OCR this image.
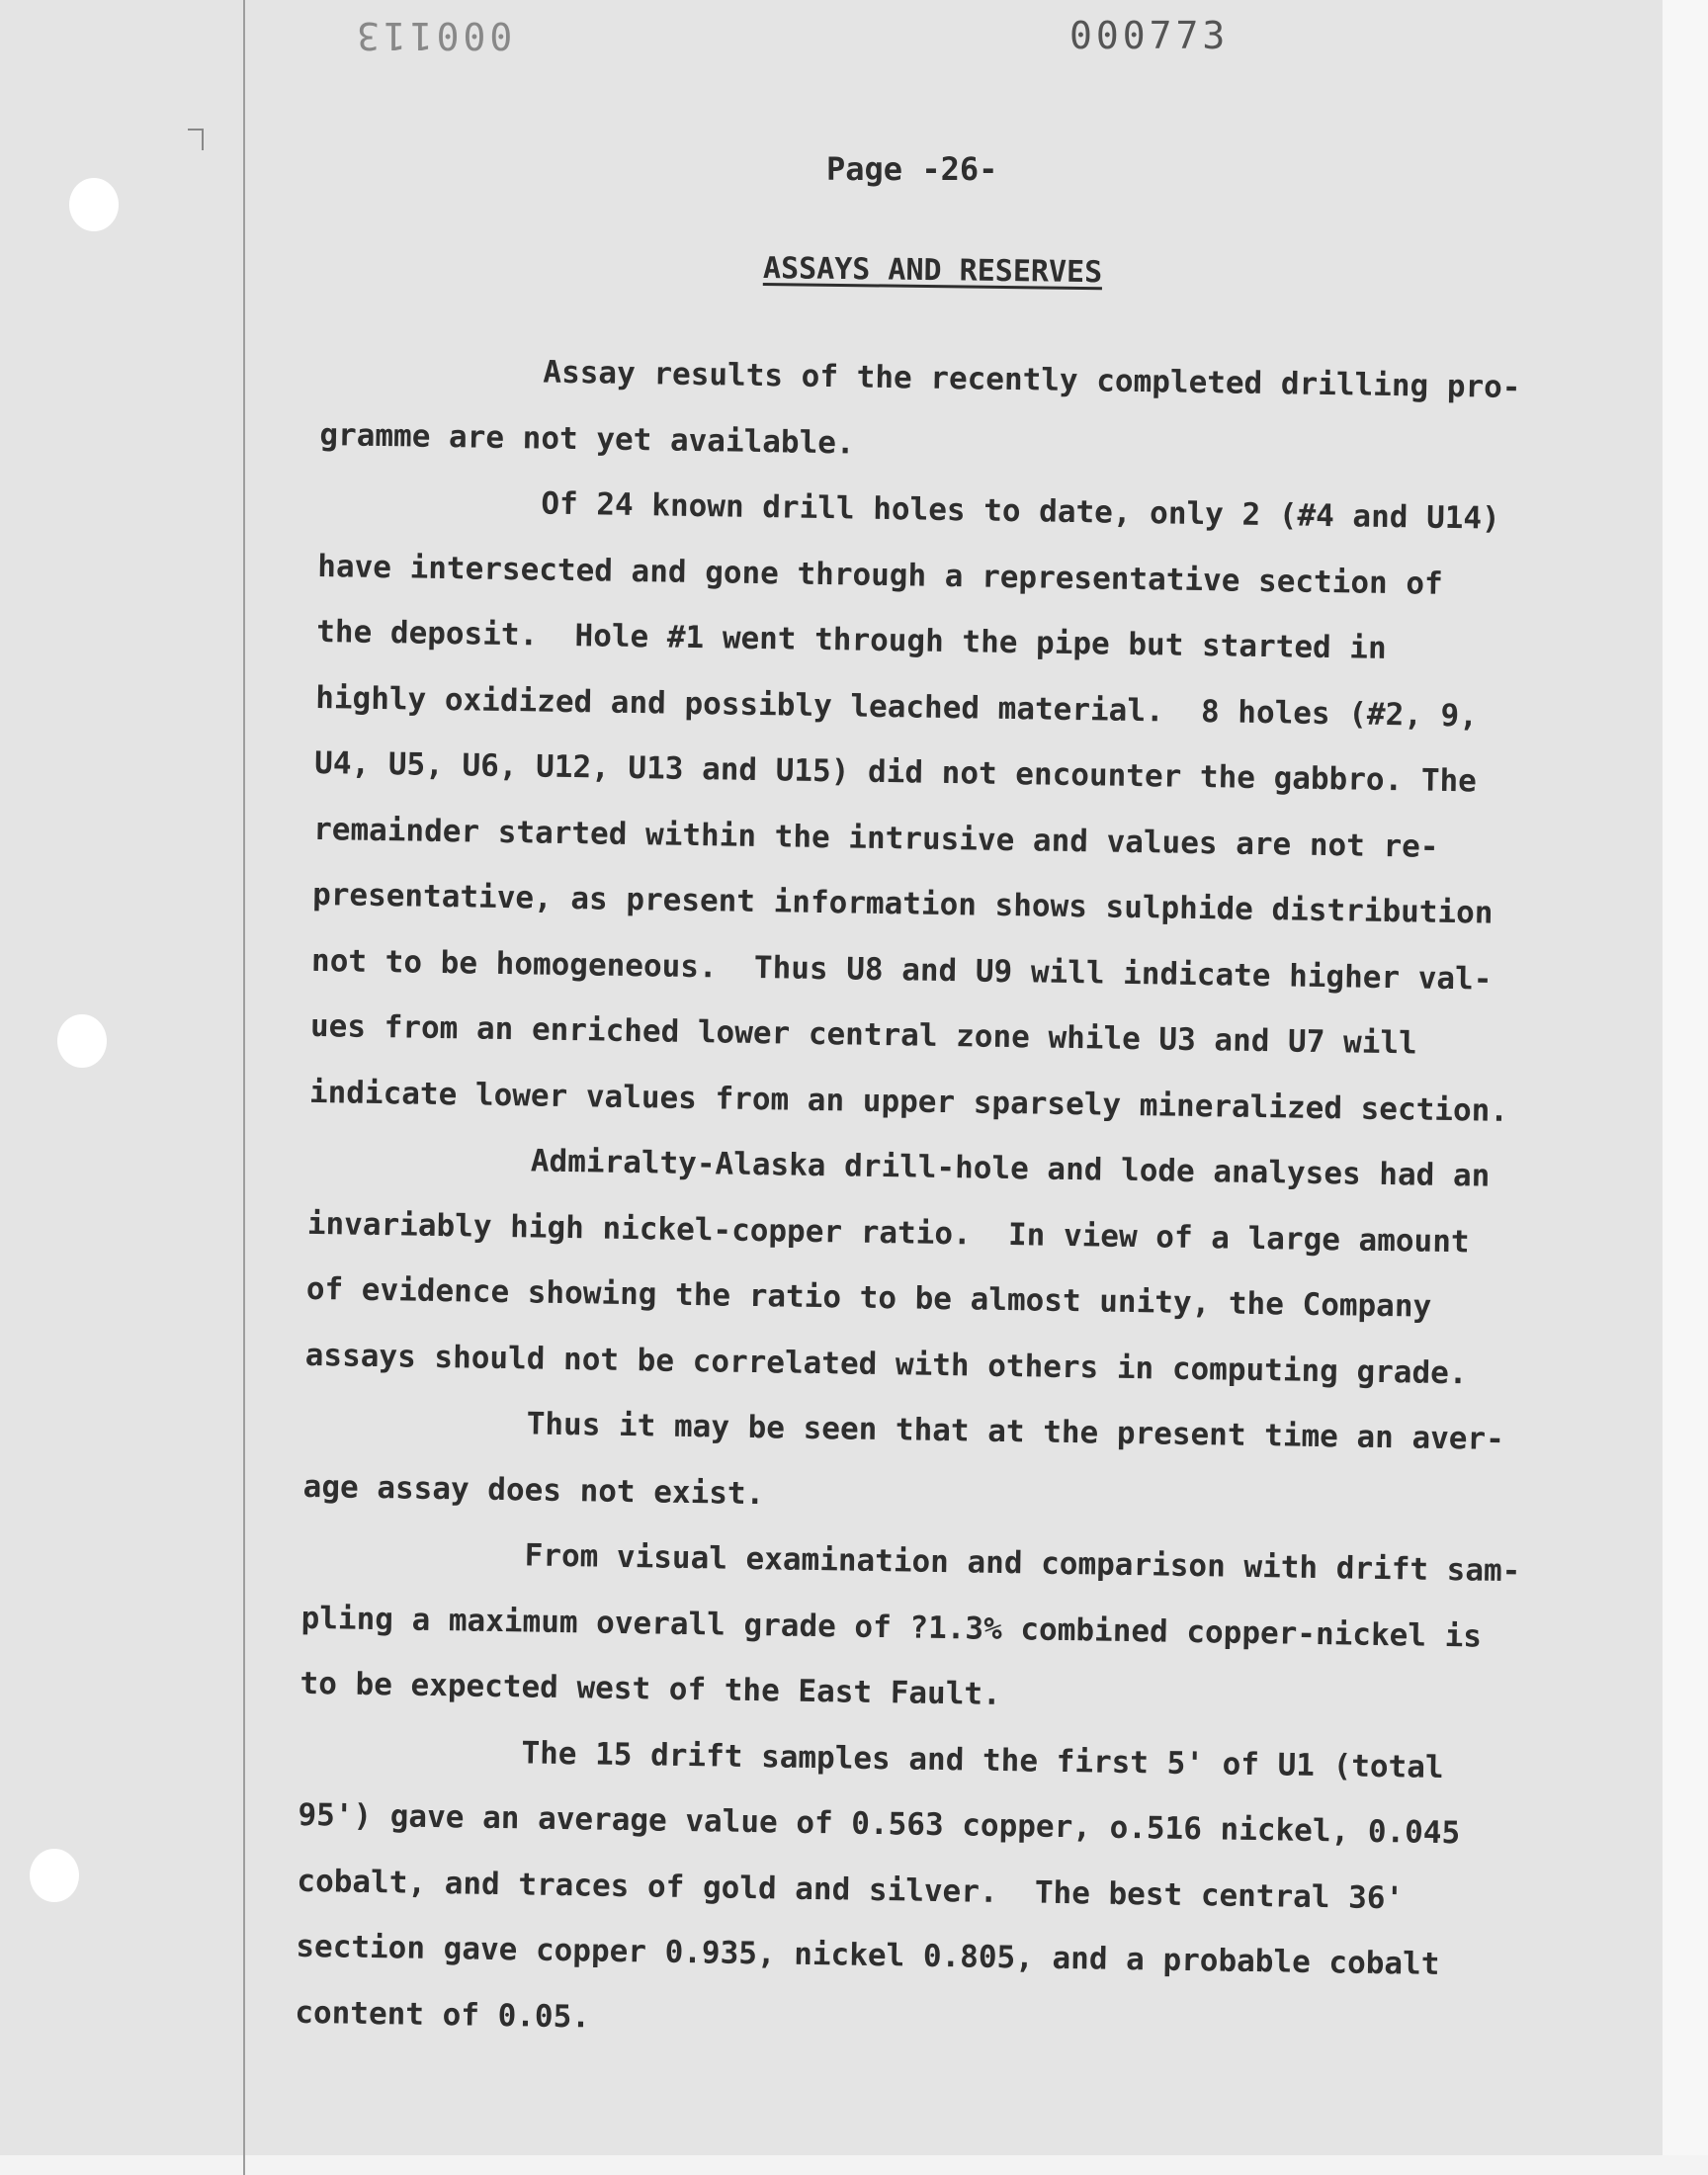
000113	000773
Page -26-
ASSAYS AND RESERVES
Assay results of the recently completed drilling pro-
gramme are not yet available.
Of 24 known drill holes to date, only 2 (#4 and U14)
have intersected and gone through a representative section of
the deposit.  Hole #1 went through the pipe but started in
highly oxidized and possibly leached material.  8 holes (#2, 9,
U4, U5, U6, U12, U13 and U15) did not encounter the gabbro. The
remainder started within the intrusive and values are not re-
presentative, as present information shows sulphide distribution
not to be homogeneous.  Thus U8 and U9 will indicate higher val-
ues from an enriched lower central zone while U3 and U7 will
indicate lower values from an upper sparsely mineralized section.
Admiralty-Alaska drill-hole and lode analyses had an
invariably high nickel-copper ratio.  In view of a large amount
of evidence showing the ratio to be almost unity, the Company
assays should not be correlated with others in computing grade.
Thus it may be seen that at the present time an aver-
age assay does not exist.
From visual examination and comparison with drift sam-
pling a maximum overall grade of ?1.3% combined copper-nickel is
to be expected west of the East Fault.
The 15 drift samples and the first 5' of U1 (total
95') gave an average value of 0.563 copper, o.516 nickel, 0.045
cobalt, and traces of gold and silver.  The best central 36'
section gave copper 0.935, nickel 0.805, and a probable cobalt
content of 0.05.
